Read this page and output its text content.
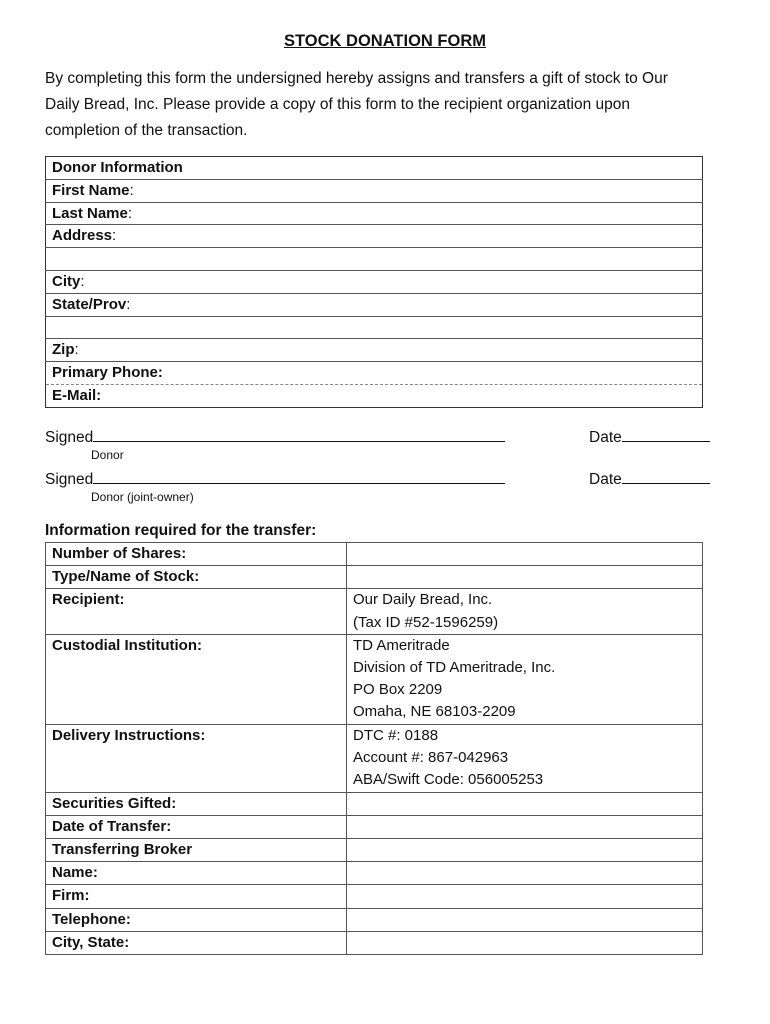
STOCK DONATION FORM
By completing this form the undersigned hereby assigns and transfers a gift of stock to Our
Daily Bread, Inc. Please provide a copy of this form to the recipient organization upon
completion of the transaction.
Donor Information
First Name:
Last Name:
Address:

City:
State/Prov:

Zip:
Primary Phone:
E-Mail:
Signed	Date
Donor
Signed	Date
Donor (joint-owner)
Information required for the transfer:
Number of Shares:	
Type/Name of Stock:	
Recipient:	Our Daily Bread, Inc.
(Tax ID #52-1596259)

Custodial Institution:	TD Ameritrade
Division of TD Ameritrade, Inc.
PO Box 2209
Omaha, NE 68103-2209

Delivery Instructions:	DTC #: 0188
Account #: 867-042963
ABA/Swift Code: 056005253

Securities Gifted:	
Date of Transfer:	
Transferring Broker	
Name:	
Firm:	
Telephone:	
City, State:	
